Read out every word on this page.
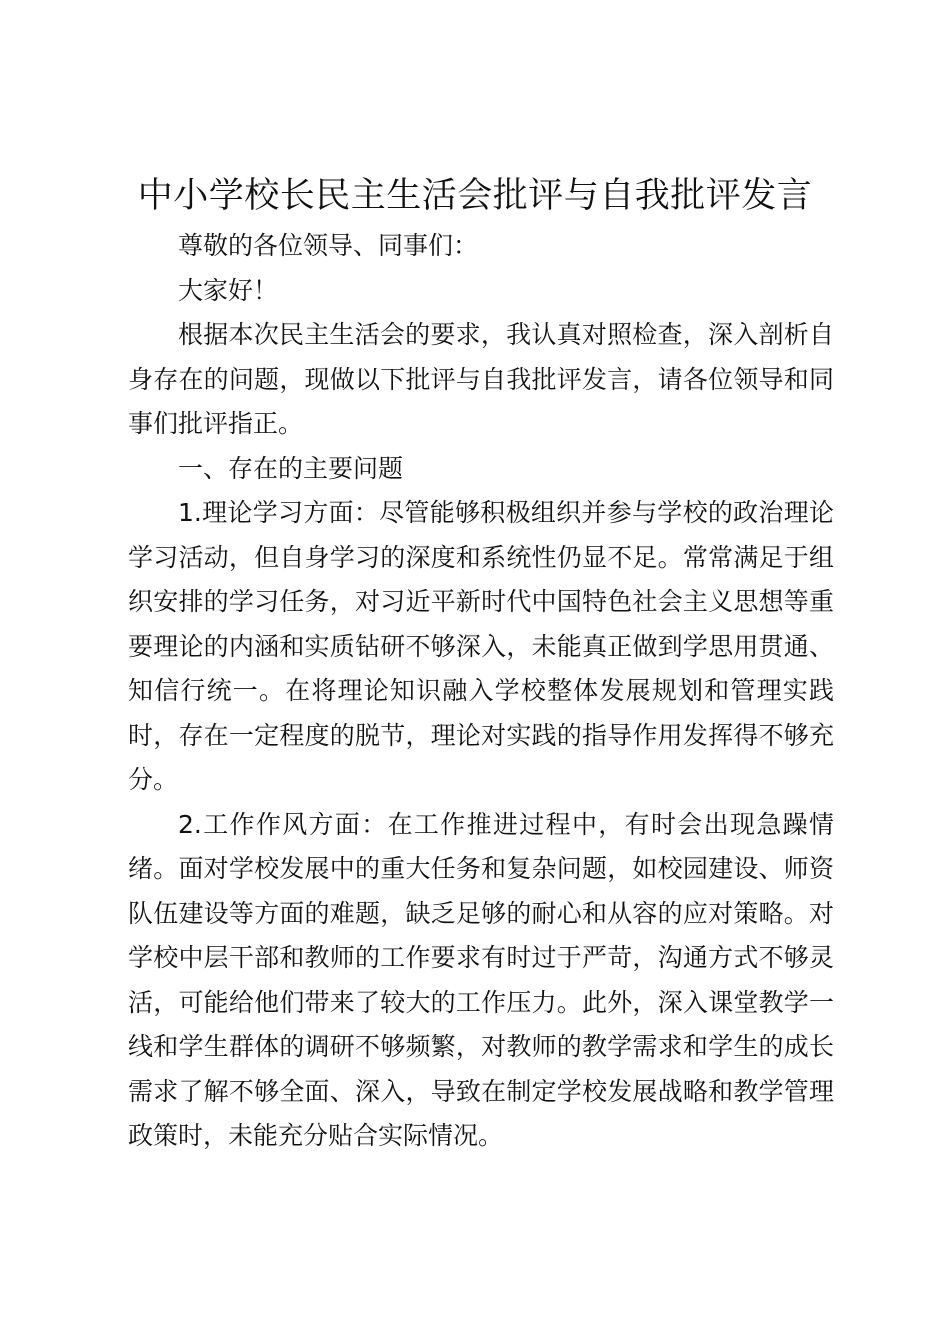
中小学校长民主生活会批评与自我批评发言

尊敬的各位领导、同事们：

大家好！

根据本次民主生活会的要求，我认真对照检查，深入剖析自身存在的问题，现做以下批评与自我批评发言，请各位领导和同事们批评指正。

一、存在的主要问题

1.理论学习方面：尽管能够积极组织并参与学校的政治理论学习活动，但自身学习的深度和系统性仍显不足。常常满足于组织安排的学习任务，对习近平新时代中国特色社会主义思想等重要理论的内涵和实质钻研不够深入，未能真正做到学思用贯通、知信行统一。在将理论知识融入学校整体发展规划和管理实践时，存在一定程度的脱节，理论对实践的指导作用发挥得不够充分。

2.工作作风方面：在工作推进过程中，有时会出现急躁情绪。面对学校发展中的重大任务和复杂问题，如校园建设、师资队伍建设等方面的难题，缺乏足够的耐心和从容的应对策略。对学校中层干部和教师的工作要求有时过于严苛，沟通方式不够灵活，可能给他们带来了较大的工作压力。此外，深入课堂教学一线和学生群体的调研不够频繁，对教师的教学需求和学生的成长需求了解不够全面、深入，导致在制定学校发展战略和教学管理政策时，未能充分贴合实际情况。
